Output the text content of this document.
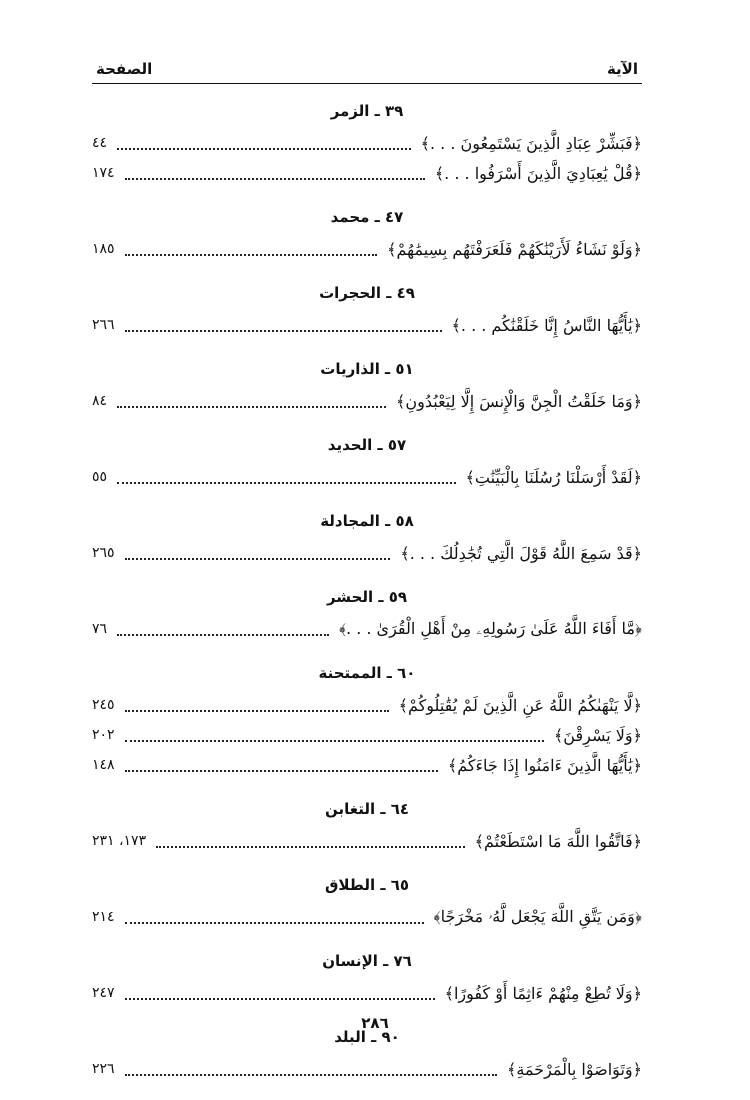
الآية
الصفحة
٣٩ ـ الزمر
﴿فَبَشِّرْ عِبَادِ الَّذِينَ يَسْتَمِعُونَ . . .﴾
٤٤
﴿قُلْ يَٰعِبَادِيَ الَّذِينَ أَسْرَفُوا . . .﴾
١٧٤
٤٧ ـ محمد
﴿وَلَوْ نَشَاءُ لَأَرَيْنَٰكَهُمْ فَلَعَرَفْتَهُم بِسِيمَٰهُمْ﴾
١٨٥
٤٩ ـ الحجرات
﴿يَٰأَيُّهَا النَّاسُ إِنَّا خَلَقْنَٰكُم . . .﴾
٢٦٦
٥١ ـ الذاريات
﴿وَمَا خَلَقْتُ الْجِنَّ وَالْإِنسَ إِلَّا لِيَعْبُدُونِ﴾
٨٤
٥٧ ـ الحديد
﴿لَقَدْ أَرْسَلْنَا رُسُلَنَا بِالْبَيِّنَٰتِ﴾
٥٥
٥٨ ـ المجادلة
﴿قَدْ سَمِعَ اللَّهُ قَوْلَ الَّتِي تُجَٰدِلُكَ . . .﴾
٢٦٥
٥٩ ـ الحشر
﴿مَّا أَفَاءَ اللَّهُ عَلَىٰ رَسُولِهِۦ مِنْ أَهْلِ الْقُرَىٰ . . .﴾
٧٦
٦٠ ـ الممتحنة
﴿لَّا يَنْهَىٰكُمُ اللَّهُ عَنِ الَّذِينَ لَمْ يُقَٰتِلُوكُمْ﴾
٢٤٥
﴿وَلَا يَسْرِقْنَ﴾
٢٠٢
﴿يَٰأَيُّهَا الَّذِينَ ءَامَنُوا إِذَا جَاءَكُمُ﴾
١٤٨
٦٤ ـ التغابن
﴿فَاتَّقُوا اللَّهَ مَا اسْتَطَعْتُمْ﴾
١٧٣، ٢٣١
٦٥ ـ الطلاق
﴿وَمَن يَتَّقِ اللَّهَ يَجْعَل لَّهُۥ مَخْرَجًا﴾
٢١٤
٧٦ ـ الإنسان
﴿وَلَا تُطِعْ مِنْهُمْ ءَاثِمًا أَوْ كَفُورًا﴾
٢٤٧
٩٠ ـ البلد
﴿وَتَوَاصَوْا بِالْمَرْحَمَةِ﴾
٢٢٦
٢٨٦
